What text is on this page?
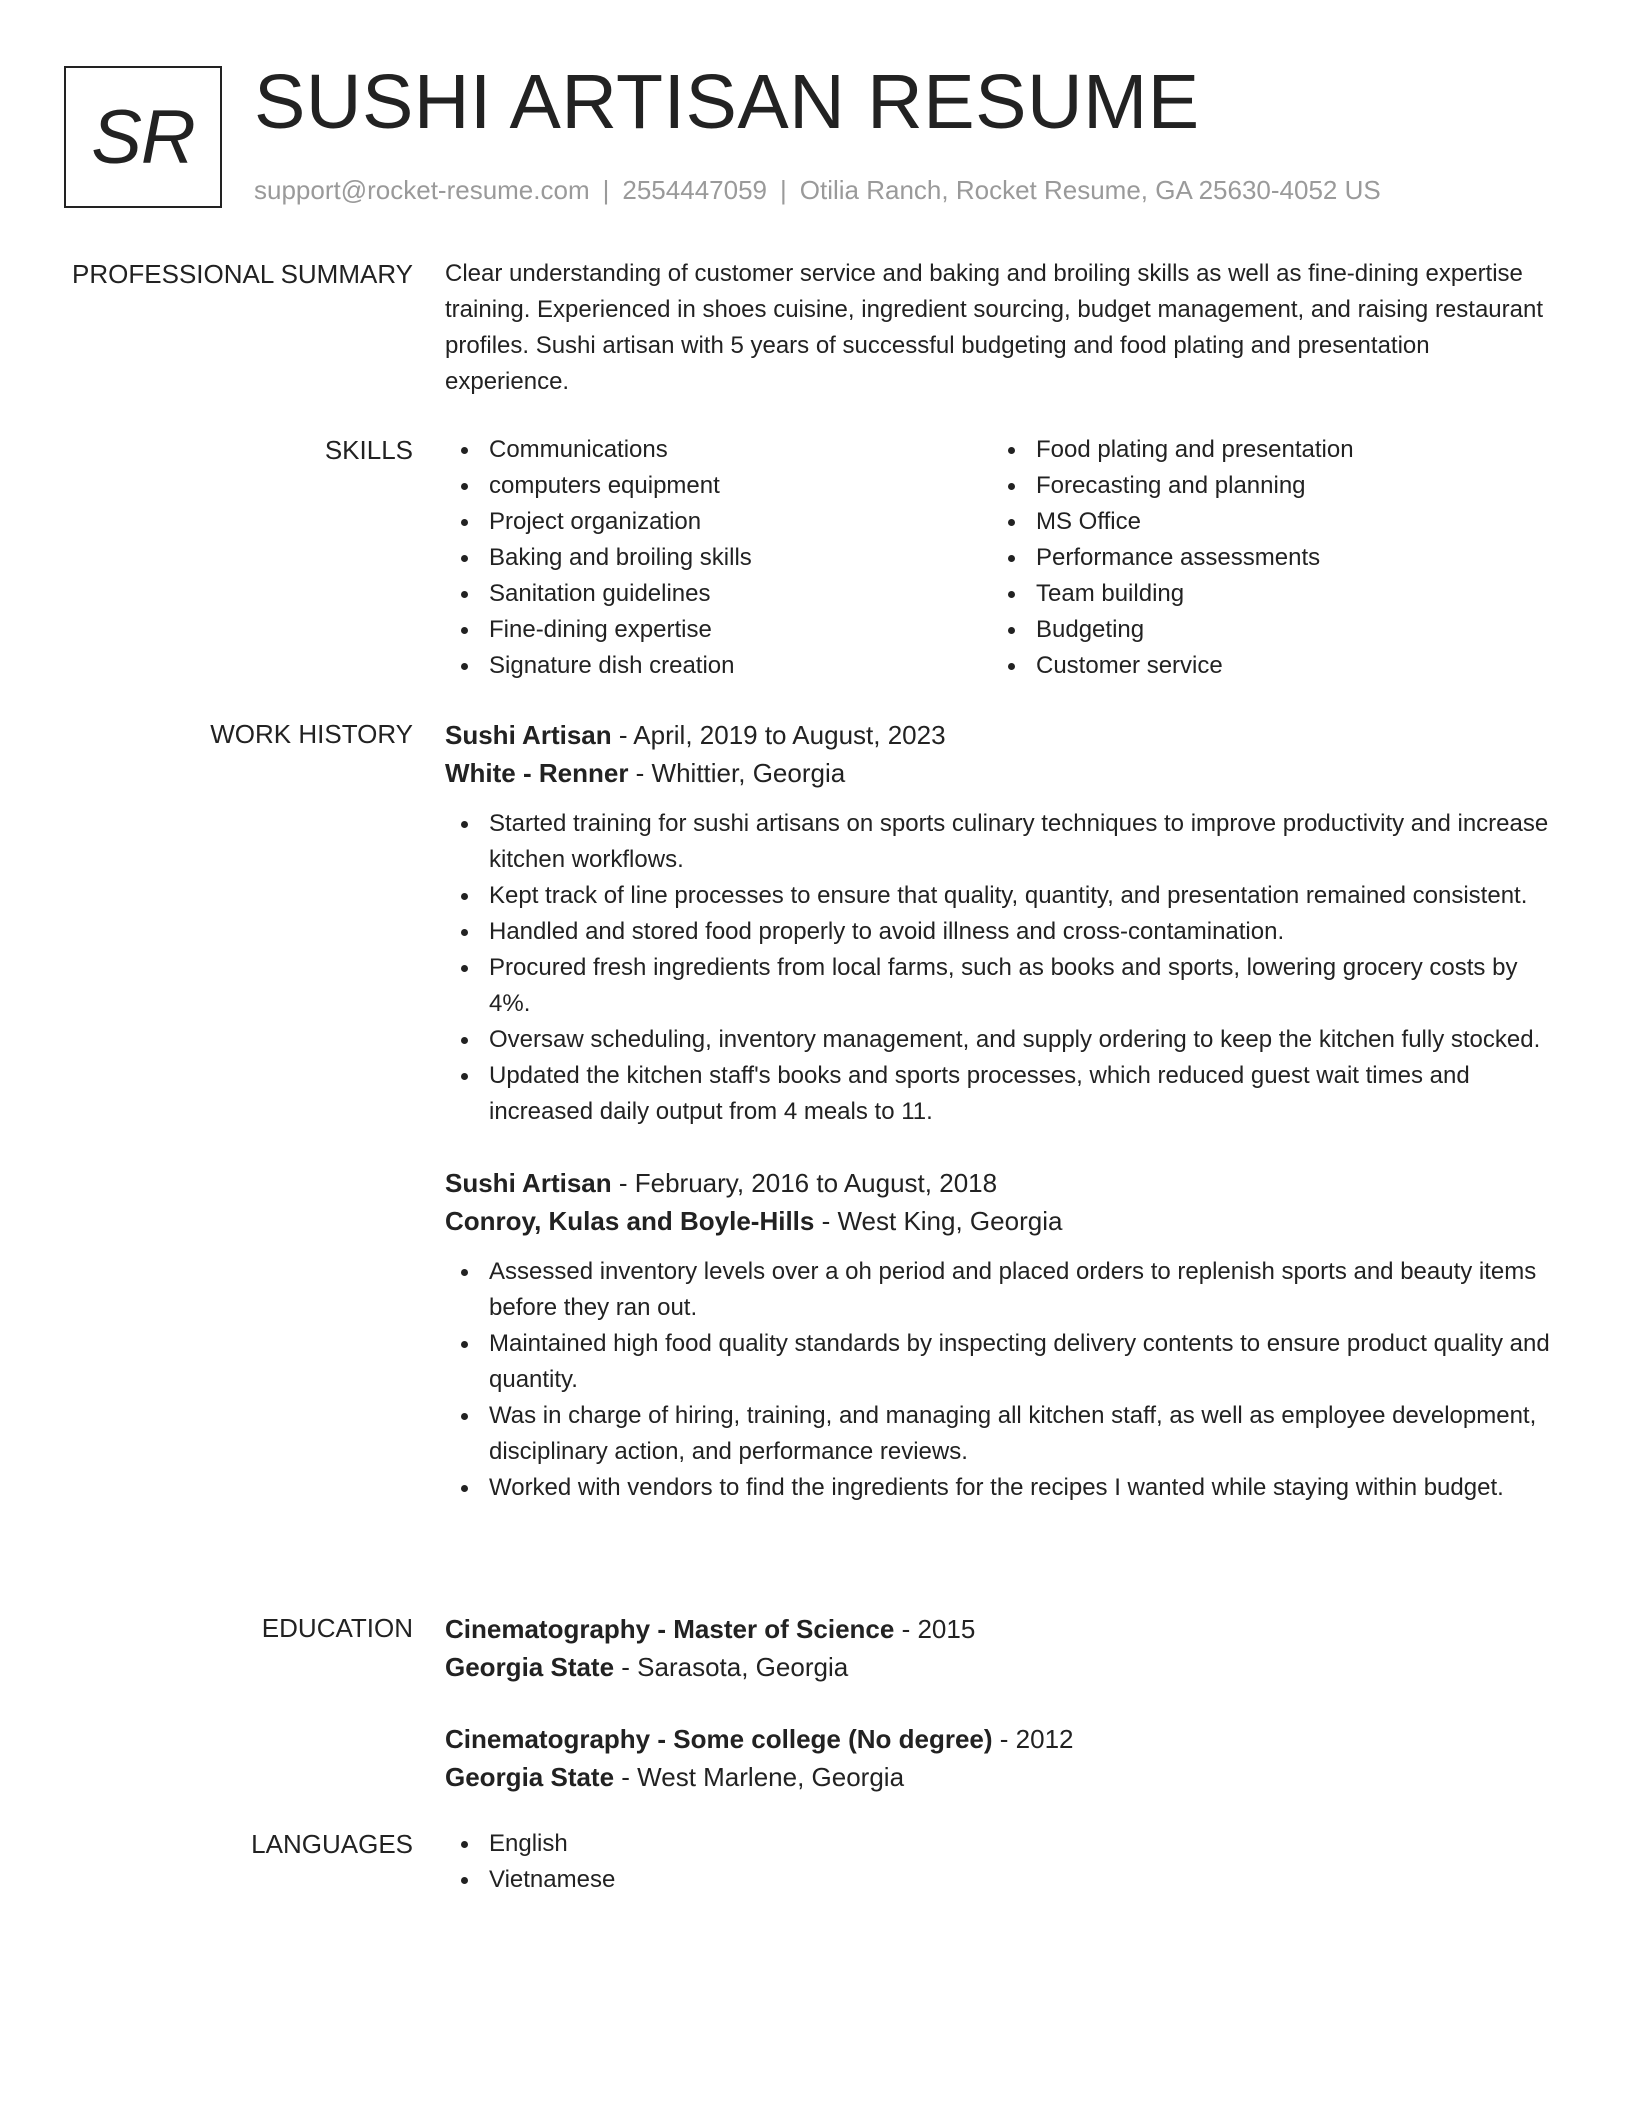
SR SUSHI ARTISAN RESUME
support@rocket-resume.com | 2554447059 | Otilia Ranch, Rocket Resume, GA 25630-4052 US
PROFESSIONAL SUMMARY Clear understanding of customer service and baking and broiling skills as well as fine-dining expertise training. Experienced in shoes cuisine, ingredient sourcing, budget management, and raising restaurant profiles. Sushi artisan with 5 years of successful budgeting and food plating and presentation experience.
SKILLS	Communications
computers equipment
Project organization
Baking and broiling skills
Sanitation guidelines
Fine-dining expertise
Signature dish creation
Food plating and presentation
Forecasting and planning
MS Office
Performance assessments
Team building
Budgeting
Customer service
WORK HISTORY Sushi Artisan - April, 2019 to August, 2023
White - Renner - Whittier, Georgia
Started training for sushi artisans on sports culinary techniques to improve productivity and increase kitchen workflows.
Kept track of line processes to ensure that quality, quantity, and presentation remained consistent.
Handled and stored food properly to avoid illness and cross-contamination.
Procured fresh ingredients from local farms, such as books and sports, lowering grocery costs by 4%.
Oversaw scheduling, inventory management, and supply ordering to keep the kitchen fully stocked.
Updated the kitchen staff's books and sports processes, which reduced guest wait times and increased daily output from 4 meals to 11.
Sushi Artisan - February, 2016 to August, 2018
Conroy, Kulas and Boyle-Hills - West King, Georgia
Assessed inventory levels over a oh period and placed orders to replenish sports and beauty items before they ran out.
Maintained high food quality standards by inspecting delivery contents to ensure product quality and quantity.
Was in charge of hiring, training, and managing all kitchen staff, as well as employee development, disciplinary action, and performance reviews.
Worked with vendors to find the ingredients for the recipes I wanted while staying within budget.
EDUCATION Cinematography - Master of Science - 2015
Georgia State - Sarasota, Georgia
Cinematography - Some college (No degree) - 2012
Georgia State - West Marlene, Georgia
LANGUAGES	English
Vietnamese
